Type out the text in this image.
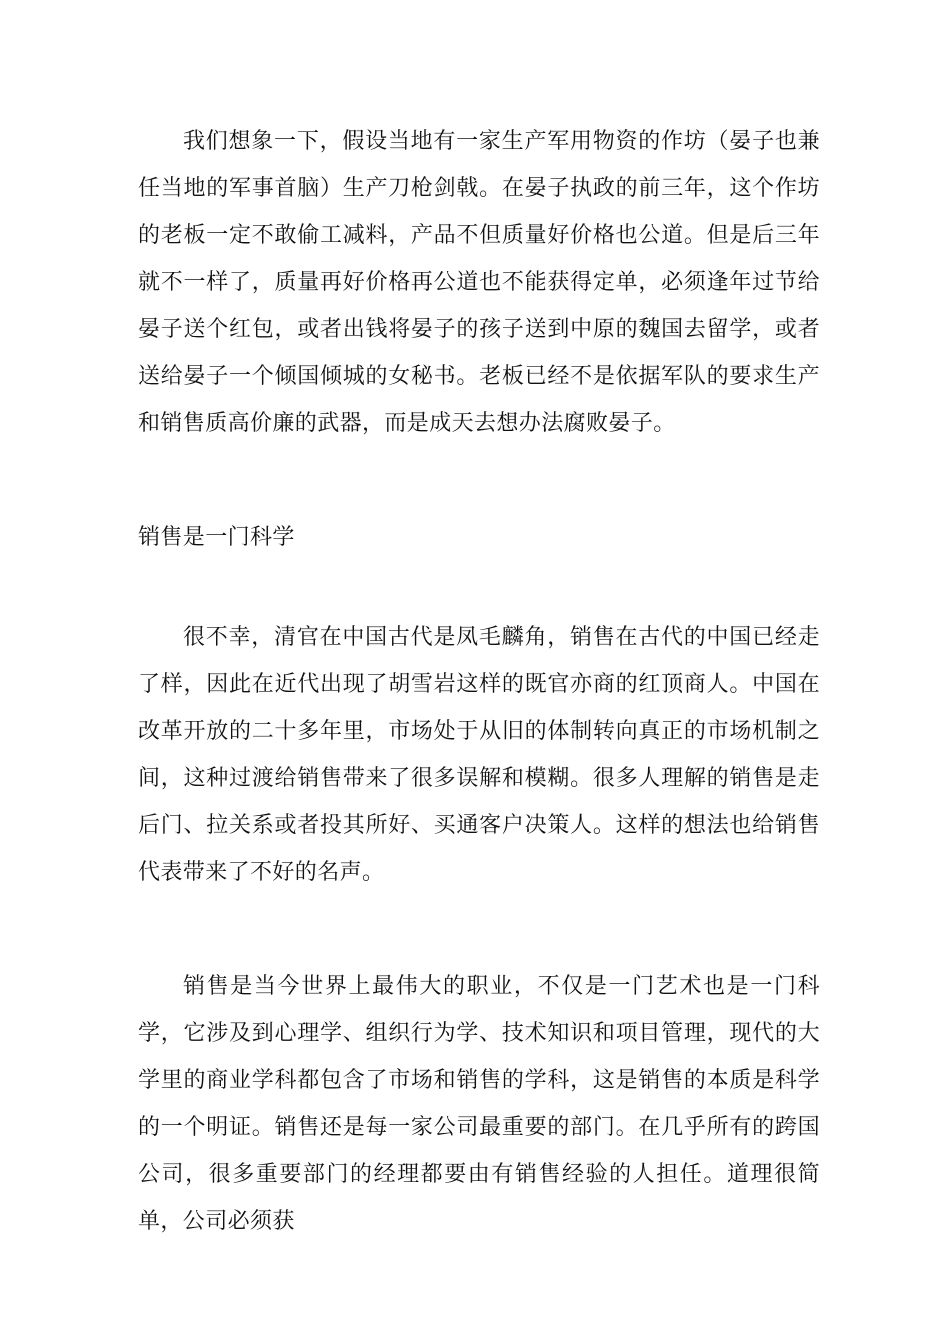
我们想象一下，假设当地有一家生产军用物资的作坊（晏子也兼任当地的军事首脑）生产刀枪剑戟。在晏子执政的前三年，这个作坊的老板一定不敢偷工减料，产品不但质量好价格也公道。但是后三年就不一样了，质量再好价格再公道也不能获得定单，必须逢年过节给晏子送个红包，或者出钱将晏子的孩子送到中原的魏国去留学，或者送给晏子一个倾国倾城的女秘书。老板已经不是依据军队的要求生产和销售质高价廉的武器，而是成天去想办法腐败晏子。

销售是一门科学

很不幸，清官在中国古代是凤毛麟角，销售在古代的中国已经走了样，因此在近代出现了胡雪岩这样的既官亦商的红顶商人。中国在改革开放的二十多年里，市场处于从旧的体制转向真正的市场机制之间，这种过渡给销售带来了很多误解和模糊。很多人理解的销售是走后门、拉关系或者投其所好、买通客户决策人。这样的想法也给销售代表带来了不好的名声。

销售是当今世界上最伟大的职业，不仅是一门艺术也是一门科学，它涉及到心理学、组织行为学、技术知识和项目管理，现代的大学里的商业学科都包含了市场和销售的学科，这是销售的本质是科学的一个明证。销售还是每一家公司最重要的部门。在几乎所有的跨国公司，很多重要部门的经理都要由有销售经验的人担任。道理很简单，公司必须获
